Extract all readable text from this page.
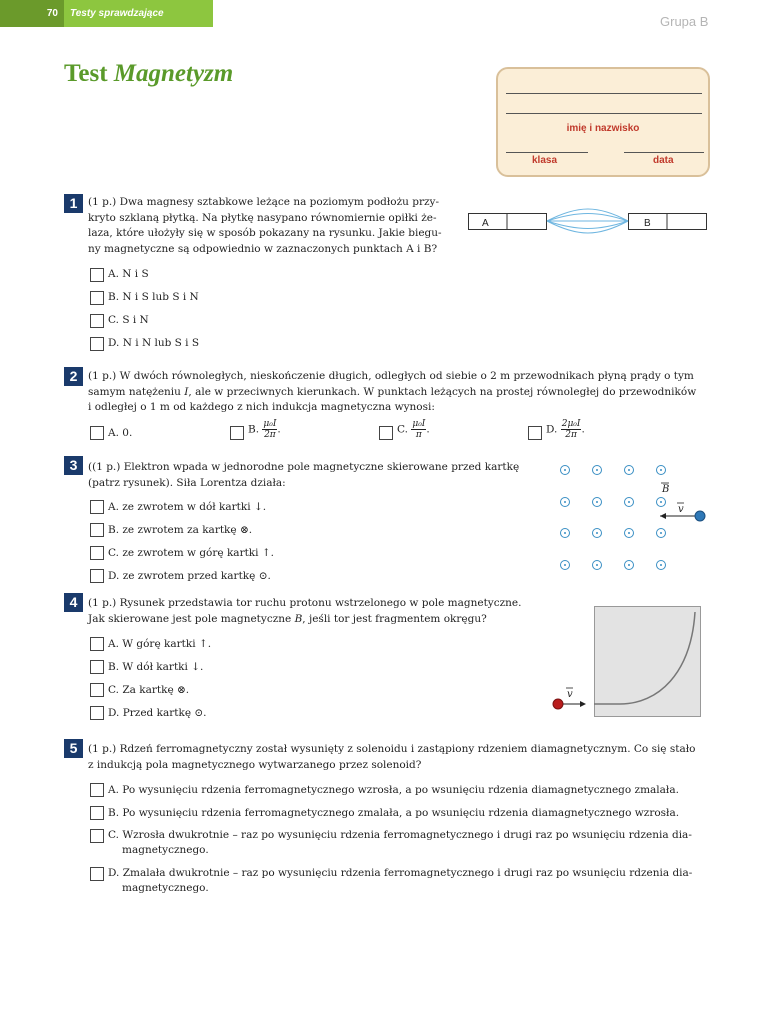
70	Testy sprawdzające
Grupa B
Test Magnetyzm
imię i nazwisko
klasa	data
1	(1 p.) Dwa magnesy sztabkowe leżące na poziomym podłożu przy-
kryto szklaną płytką. Na płytkę nasypano równomiernie opiłki że-
laza, które ułożyły się w sposób pokazany na rysunku. Jakie biegu-
ny magnetyczne są odpowiednio w zaznaczonych punktach A i B?
A	B
A. N i S
B. N i S lub S i N
C. S i N
D. N i N lub S i S
2	(1 p.) W dwóch równoległych, nieskończenie długich, odległych od siebie o 2 m przewodnikach płyną prądy o tym
samym natężeniu I, ale w przeciwnych kierunkach. W punktach leżących na prostej równoległej do przewodników
i odległej o 1 m od każdego z nich indukcja magnetyczna wynosi:
A. 0.	B. $\frac{\text{μ₀I}}{2\pi}$ .	C. $\frac{\text{μ₀I}}{\pi}$ .	D. $\frac{\text{2μ₀I}}{2\pi}$ .
3	((1 p.) Elektron wpada w jednorodne pole magnetyczne skierowane przed kartkę
(patrz rysunek). Siła Lorentza działa:
A. ze zwrotem w dół kartki ↓.
B. ze zwrotem za kartkę ⊗.
C. ze zwrotem w górę kartki ↑.
D. ze zwrotem przed kartkę ⊙.
B
v
4	(1 p.) Rysunek przedstawia tor ruchu protonu wstrzelonego w pole magnetyczne.
Jak skierowane jest pole magnetyczne B, jeśli tor jest fragmentem okręgu?
A. W górę kartki ↑.
B. W dół kartki ↓.
C. Za kartkę ⊗.
D. Przed kartkę ⊙.
v
5	(1 p.) Rdzeń ferromagnetyczny został wysunięty z solenoidu i zastąpiony rdzeniem diamagnetycznym. Co się stało
z indukcją pola magnetycznego wytwarzanego przez solenoid?
A. Po wysunięciu rdzenia ferromagnetycznego wzrosła, a po wsunięciu rdzenia diamagnetycznego zmalała.
B. Po wysunięciu rdzenia ferromagnetycznego zmalała, a po wsunięciu rdzenia diamagnetycznego wzrosła.
C. Wzrosła dwukrotnie – raz po wysunięciu rdzenia ferromagnetycznego i drugi raz po wsunięciu rdzenia dia-
magnetycznego.
D. Zmalała dwukrotnie – raz po wysunięciu rdzenia ferromagnetycznego i drugi raz po wsunięciu rdzenia dia-
magnetycznego.
